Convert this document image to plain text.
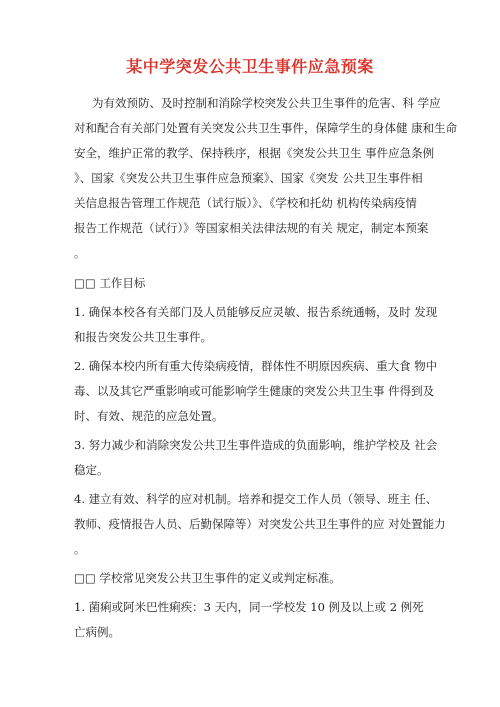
某中学突发公共卫生事件应急预案
为有效预防、及时控制和消除学校突发公共卫生事件的危害、科 学应
对和配合有关部门处置有关突发公共卫生事件，保障学生的身体健 康和生命
安全，维护正常的教学、保持秩序，根据《突发公共卫生 事件应急条例
》、国家《突发公共卫生事件应急预案》、国家《突发 公共卫生事件相
关信息报告管理工作规范（试行版）》、《学校和托幼 机构传染病疫情
报告工作规范（试行）》等国家相关法律法规的有关 规定，制定本预案
。
□□ 工作目标
1. 确保本校各有关部门及人员能够反应灵敏、报告系统通畅，及时 发现
和报告突发公共卫生事件。
2. 确保本校内所有重大传染病疫情，群体性不明原因疾病、重大食 物中
毒、以及其它严重影响或可能影响学生健康的突发公共卫生事 件得到及
时、有效、规范的应急处置。
3. 努力减少和消除突发公共卫生事件造成的负面影响，维护学校及 社会
稳定。
4. 建立有效、科学的应对机制。培养和提交工作人员（领导、班主 任、
教师、疫情报告人员、后勤保障等）对突发公共卫生事件的应 对处置能力
。
□□ 学校常见突发公共卫生事件的定义或判定标准。
1. 菌痢或阿米巴性痢疾：3 天内，同一学校发 10 例及以上或 2 例死
亡病例。
